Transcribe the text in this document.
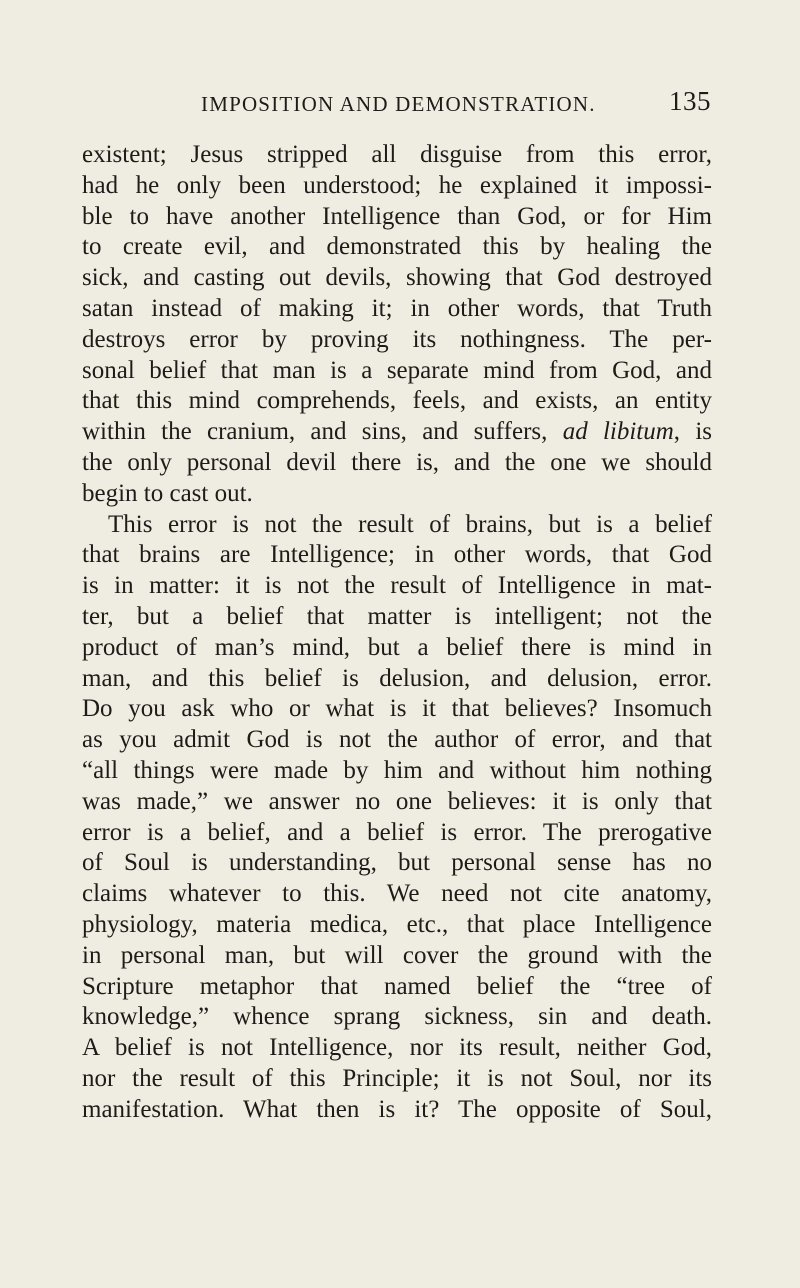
IMPOSITION AND DEMONSTRATION.	135
existent; Jesus stripped all disguise from this error,
had he only been understood; he explained it impossi-
ble to have another Intelligence than God, or for Him
to create evil, and demonstrated this by healing the
sick, and casting out devils, showing that God destroyed
satan instead of making it; in other words, that Truth
destroys error by proving its nothingness. The per-
sonal belief that man is a separate mind from God, and
that this mind comprehends, feels, and exists, an entity
within the cranium, and sins, and suffers, ad libitum, is
the only personal devil there is, and the one we should
begin to cast out.
This error is not the result of brains, but is a belief
that brains are Intelligence; in other words, that God
is in matter: it is not the result of Intelligence in mat-
ter, but a belief that matter is intelligent; not the
product of man’s mind, but a belief there is mind in
man, and this belief is delusion, and delusion, error.
Do you ask who or what is it that believes? Insomuch
as you admit God is not the author of error, and that
“all things were made by him and without him nothing
was made,” we answer no one believes: it is only that
error is a belief, and a belief is error. The prerogative
of Soul is understanding, but personal sense has no
claims whatever to this. We need not cite anatomy,
physiology, materia medica, etc., that place Intelligence
in personal man, but will cover the ground with the
Scripture metaphor that named belief the “tree of
knowledge,” whence sprang sickness, sin and death.
A belief is not Intelligence, nor its result, neither God,
nor the result of this Principle; it is not Soul, nor its
manifestation. What then is it? The opposite of Soul,
